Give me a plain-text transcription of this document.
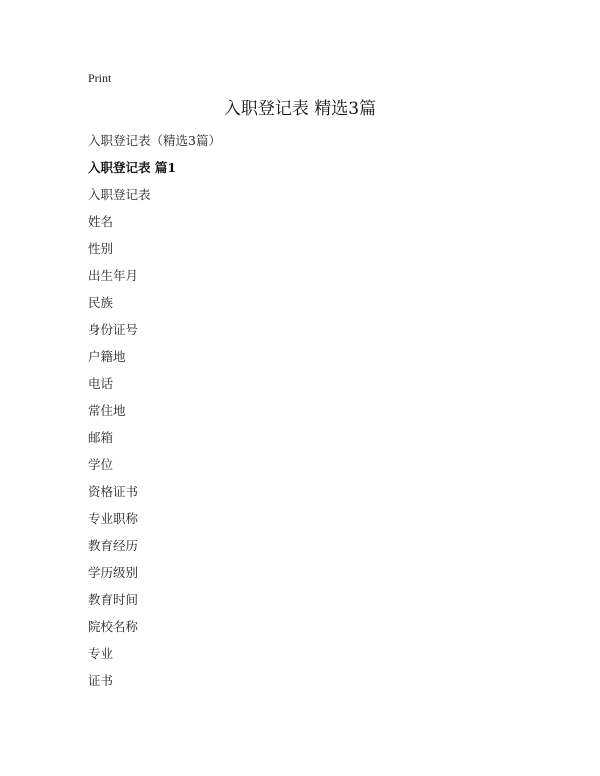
Print
入职登记表 精选3篇
入职登记表（精选3篇）
入职登记表 篇1
入职登记表
姓名
性别
出生年月
民族
身份证号
户籍地
电话
常住地
邮箱
学位
资格证书
专业职称
教育经历
学历级别
教育时间
院校名称
专业
证书
